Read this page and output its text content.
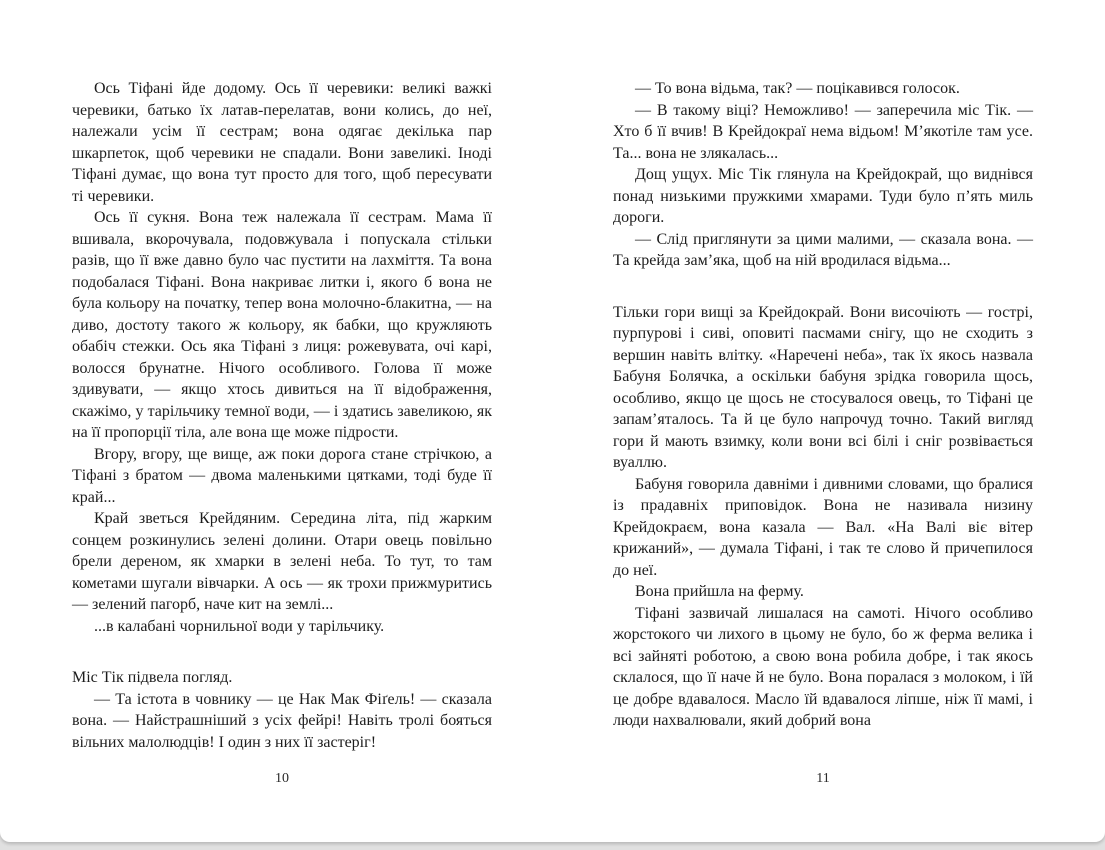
Ось Тіфані йде додому. Ось її черевики: великі важкі черевики, батько їх латав-перелатав, вони колись, до неї, належали усім її сестрам; вона одягає декілька пар шкарпеток, щоб черевики не спадали. Вони завеликі. Іноді Тіфані думає, що вона тут просто для того, щоб пересувати ті черевики.

Ось її сукня. Вона теж належала її сестрам. Мама її вшивала, вкорочувала, подовжувала і попускала стільки разів, що її вже давно було час пустити на лахміття. Та вона подобалася Тіфані. Вона накриває литки і, якого б вона не була кольору на початку, тепер вона молочно-блакитна, — на диво, достоту такого ж кольору, як бабки, що кружляють обабіч стежки. Ось яка Тіфані з лиця: рожевувата, очі карі, волосся брунатне. Нічого особливого. Голова її може здивувати, — якщо хтось дивиться на її відображення, скажімо, у тарільчику темної води, — і здатись завеликою, як на її пропорції тіла, але вона ще може підрости.

Вгору, вгору, ще вище, аж поки дорога стане стрічкою, а Тіфані з братом — двома маленькими цятками, тоді буде її край...

Край зветься Крейдяним. Середина літа, під жарким сонцем розкинулись зелені долини. Отари овець повільно брели дереном, як хмарки в зелені неба. То тут, то там кометами шугали вівчарки. А ось — як трохи прижмуритись — зелений пагорб, наче кит на землі...

...в калабані чорнильної води у тарільчику.

Міс Тік підвела погляд.

— Та істота в човнику — це Нак Мак Фіґель! — сказала вона. — Найстрашніший з усіх фейрі! Навіть тролі бояться вільних малолюдців! І один з них її застеріг!

10

— То вона відьма, так? — поцікавився голосок.

— В такому віці? Неможливо! — заперечила міс Тік. — Хто б її вчив! В Крейдокраї нема відьом! М’якотіле там усе. Та... вона не злякалась...

Дощ ущух. Міс Тік глянула на Крейдокрай, що виднівся понад низькими пружкими хмарами. Туди було п’ять миль дороги.

— Слід приглянути за цими малими, — сказала вона. — Та крейда зам’яка, щоб на ній вродилася відьма...

Тільки гори вищі за Крейдокрай. Вони височіють — гострі, пурпурові і сиві, оповиті пасмами снігу, що не сходить з вершин навіть влітку. «Наречені неба», так їх якось назвала Бабуня Болячка, а оскільки бабуня зрідка говорила щось, особливо, якщо це щось не стосувалося овець, то Тіфані це запам’яталось. Та й це було напрочуд точно. Такий вигляд гори й мають взимку, коли вони всі білі і сніг розвівається вуаллю.

Бабуня говорила давніми і дивними словами, що бралися із прадавніх приповідок. Вона не називала низину Крейдокраєм, вона казала — Вал. «На Валі віє вітер крижаний», — думала Тіфані, і так те слово й причепилося до неї.

Вона прийшла на ферму.

Тіфані зазвичай лишалася на самоті. Нічого особливо жорстокого чи лихого в цьому не було, бо ж ферма велика і всі зайняті роботою, а свою вона робила добре, і так якось склалося, що її наче й не було. Вона поралася з молоком, і їй це добре вдавалося. Масло їй вдавалося ліпше, ніж її мамі, і люди нахвалювали, який добрий вона

11
